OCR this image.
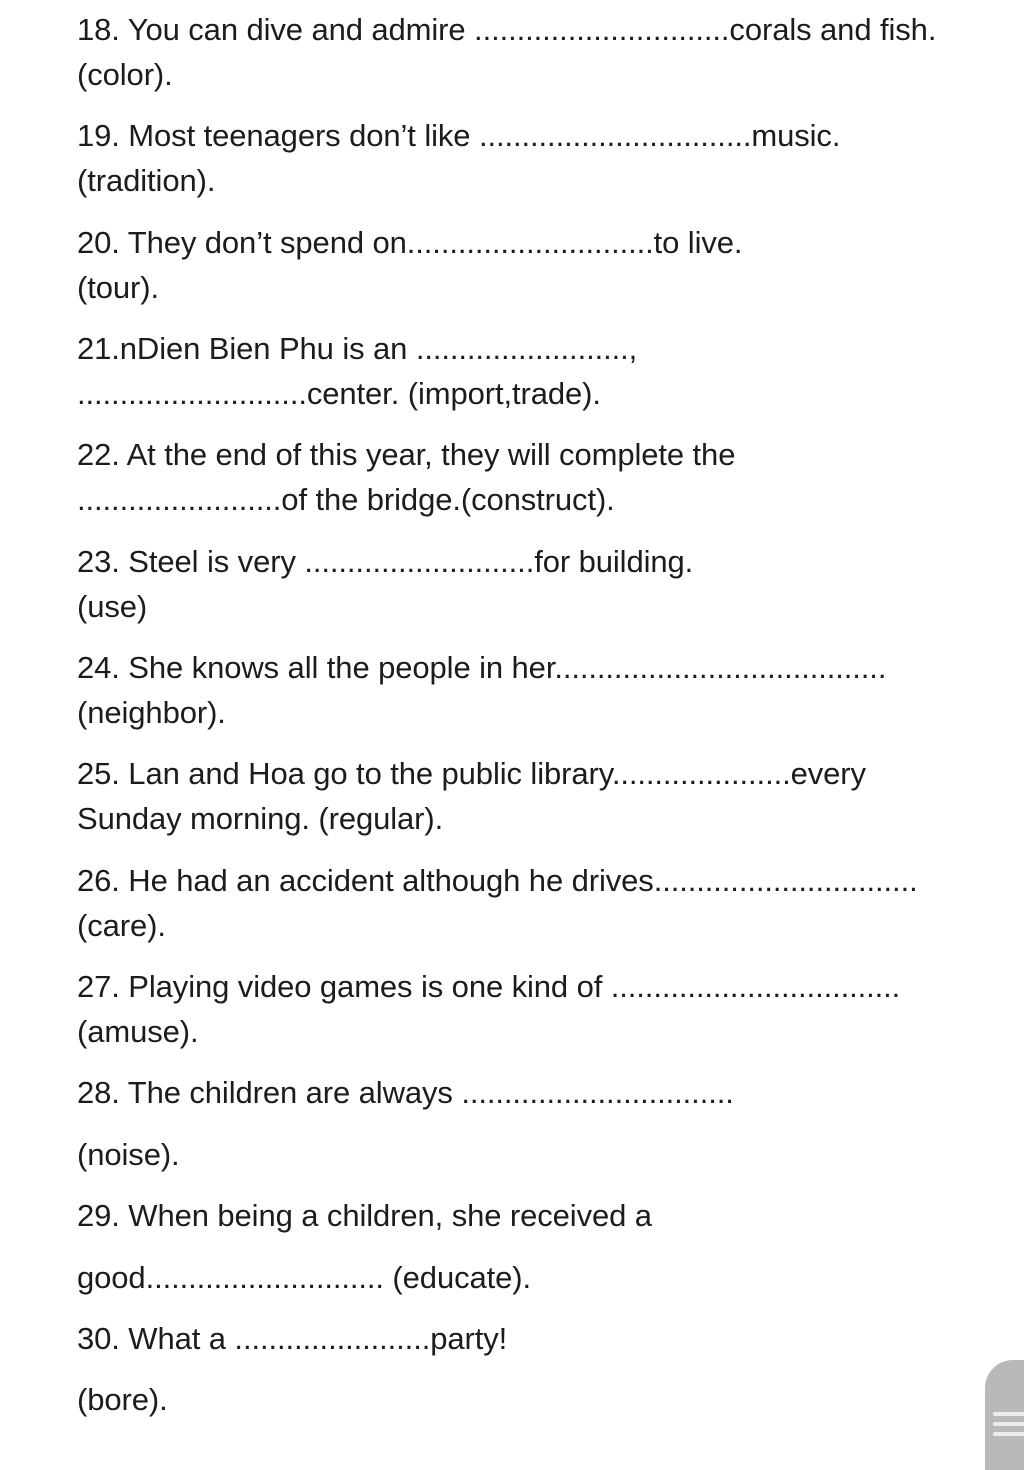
18. You can dive and admire ..............................corals and fish.
(color).
19. Most teenagers don’t like ................................music.
(tradition).
20. They don’t spend on.............................to live.
(tour).
21.nDien Bien Phu is an .........................,
...........................center. (import,trade).
22. At the end of this year, they will complete the
........................of the bridge.(construct).
23. Steel is very ...........................for building.
(use)
24. She knows all the people in her.......................................
(neighbor).
25. Lan and Hoa go to the public library.....................every
Sunday morning. (regular).
26. He had an accident although he drives...............................
(care).
27. Playing video games is one kind of ..................................
(amuse).
28. The children are always ................................
(noise).
29. When being a children, she received a
good............................ (educate).
30. What a .......................party!
(bore).
